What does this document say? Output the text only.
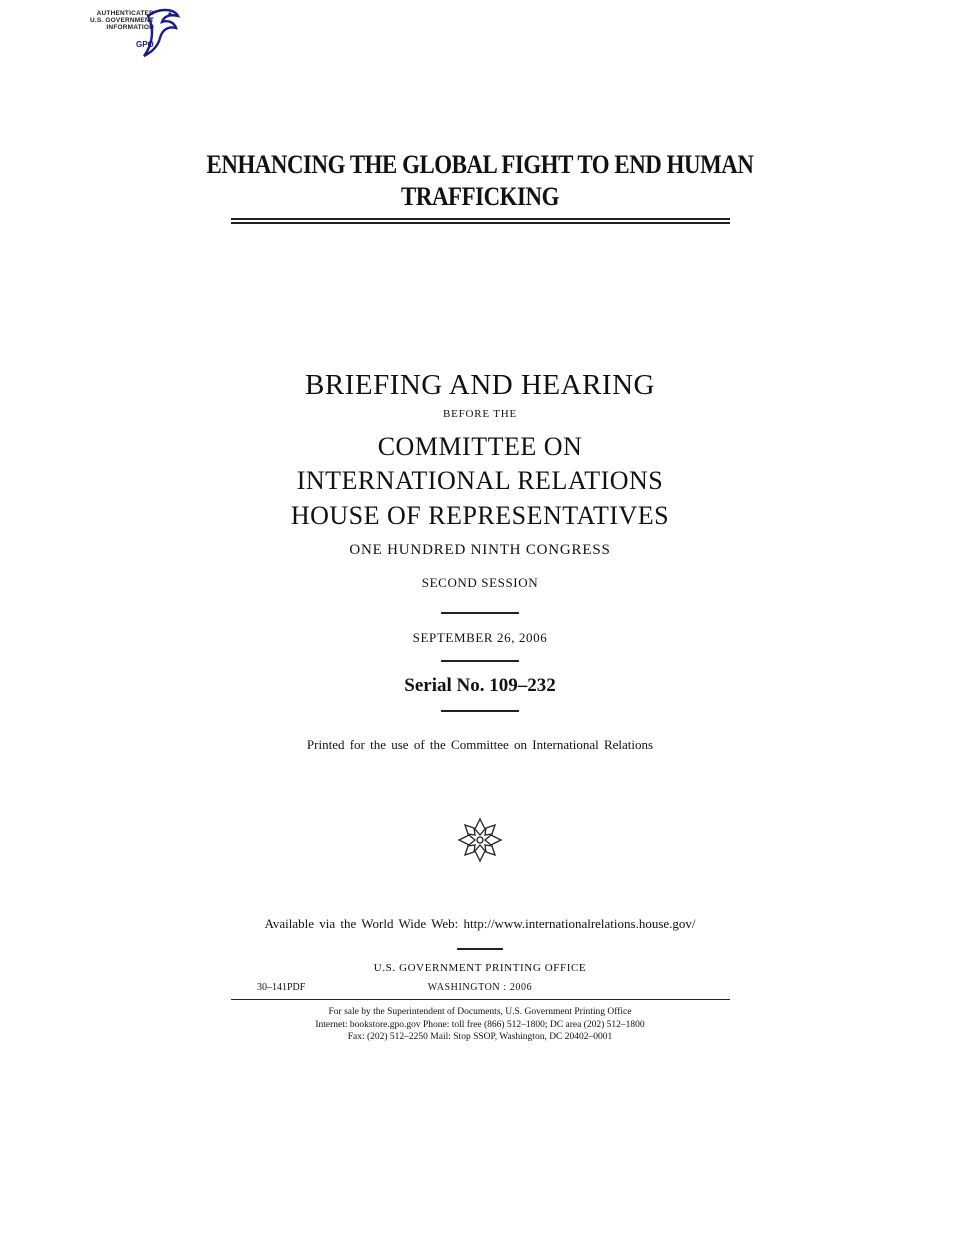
AUTHENTICATED
U.S. GOVERNMENT
INFORMATION
GPO
ENHANCING THE GLOBAL FIGHT TO END HUMAN
TRAFFICKING
BRIEFING AND HEARING
BEFORE THE
COMMITTEE ON
INTERNATIONAL RELATIONS
HOUSE OF REPRESENTATIVES
ONE HUNDRED NINTH CONGRESS
SECOND SESSION
SEPTEMBER 26, 2006
Serial No. 109–232
Printed for the use of the Committee on International Relations
Available via the World Wide Web: http://www.internationalrelations.house.gov/
U.S. GOVERNMENT PRINTING OFFICE
30–141PDF	WASHINGTON : 2006
For sale by the Superintendent of Documents, U.S. Government Printing Office
Internet: bookstore.gpo.gov Phone: toll free (866) 512–1800; DC area (202) 512–1800
Fax: (202) 512–2250 Mail: Stop SSOP, Washington, DC 20402–0001
